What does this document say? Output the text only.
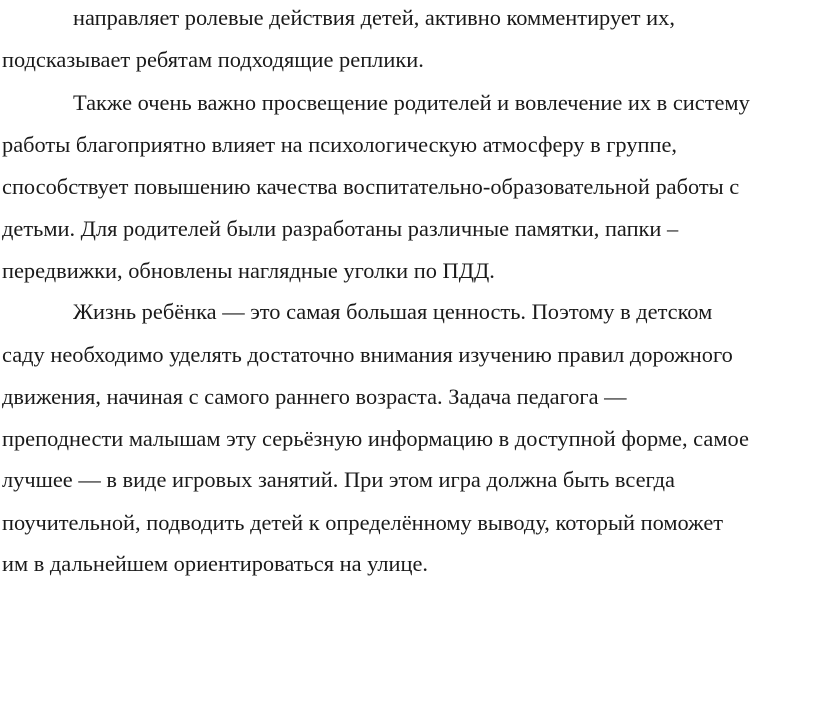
направляет ролевые действия детей, активно комментирует их,
подсказывает ребятам подходящие реплики.
Также очень важно просвещение родителей и вовлечение их в систему
работы благоприятно влияет на психологическую атмосферу в группе,
способствует повышению качества воспитательно-образовательной работы с
детьми. Для родителей были разработаны различные памятки, папки –
передвижки, обновлены наглядные уголки по ПДД.
Жизнь ребёнка — это самая большая ценность. Поэтому в детском
саду необходимо уделять достаточно внимания изучению правил дорожного
движения, начиная с самого раннего возраста. Задача педагога —
преподнести малышам эту серьёзную информацию в доступной форме, самое
лучшее — в виде игровых занятий. При этом игра должна быть всегда
поучительной, подводить детей к определённому выводу, который поможет
им в дальнейшем ориентироваться на улице.
